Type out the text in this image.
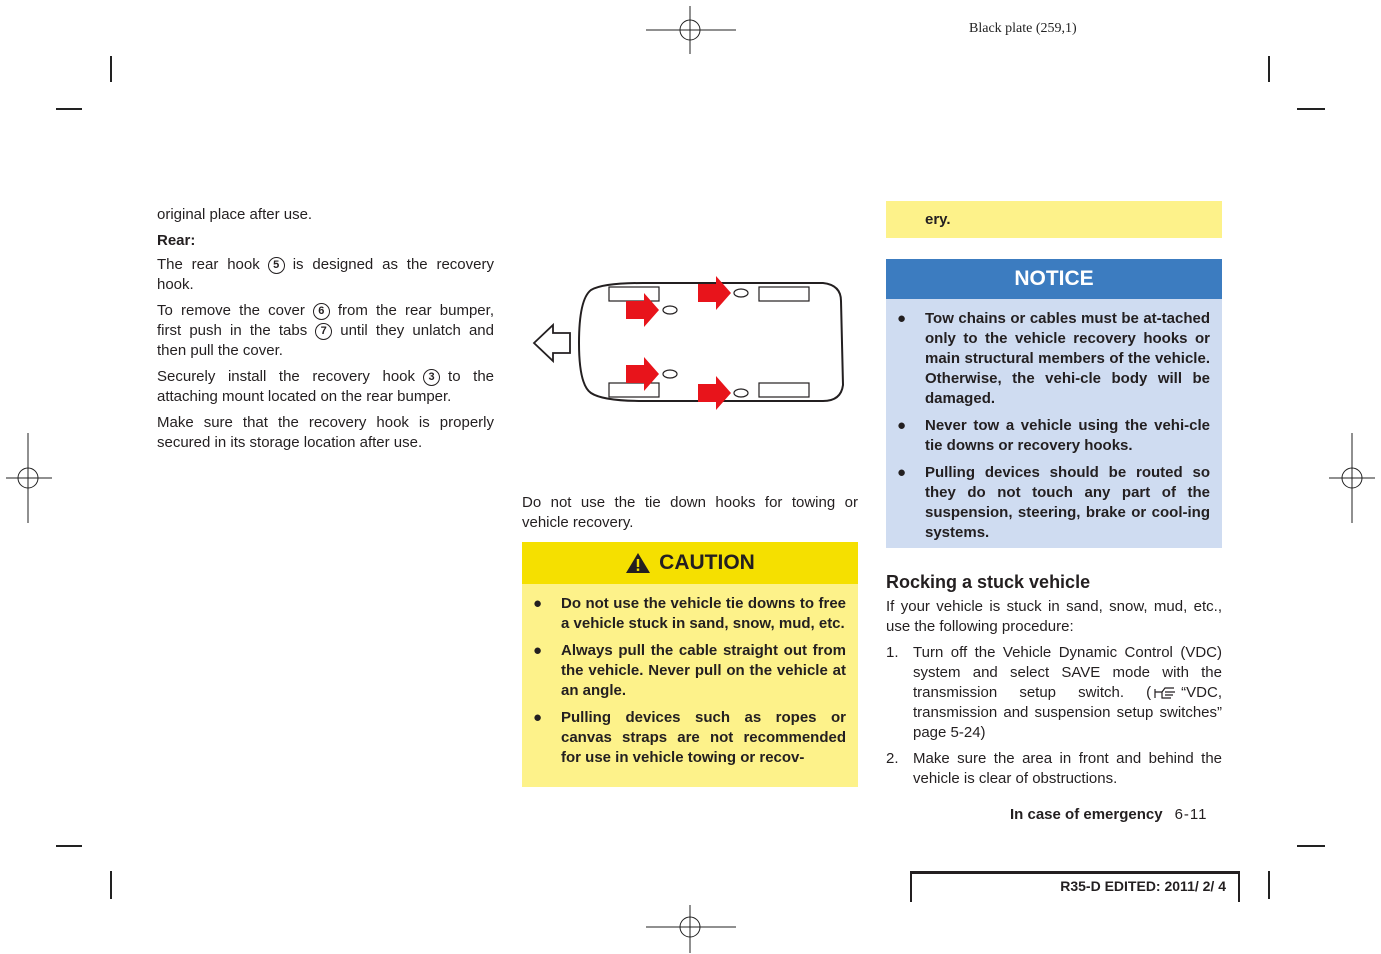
Black plate (259,1)

original place after use.

Rear:

The rear hook 5 is designed as the recovery hook.

To remove the cover 6 from the rear bumper, first push in the tabs 7 until they unlatch and then pull the cover.

Securely install the recovery hook 3 to the attaching mount located on the rear bumper.

Make sure that the recovery hook is properly secured in its storage location after use.

Do not use the tie down hooks for towing or vehicle recovery.
CAUTION
● Do not use the vehicle tie downs to free a vehicle stuck in sand, snow, mud, etc.
● Always pull the cable straight out from the vehicle. Never pull on the vehicle at an angle.
● Pulling devices such as ropes or canvas straps are not recommended for use in vehicle towing or recov-
ery.
NOTICE
● Tow chains or cables must be at-tached only to the vehicle recovery hooks or main structural members of the vehicle. Otherwise, the vehi-cle body will be damaged.
● Never tow a vehicle using the vehi-cle tie downs or recovery hooks.
● Pulling devices should be routed so they do not touch any part of the suspension, steering, brake or cool-ing systems.
Rocking a stuck vehicle

If your vehicle is stuck in sand, snow, mud, etc., use the following procedure:

1. Turn off the Vehicle Dynamic Control (VDC) system and select SAVE mode with the transmission setup switch. ( “VDC, transmission and suspension setup switches” page 5-24)
2. Make sure the area in front and behind the vehicle is clear of obstructions.
In case of emergency 6-11
R35-D EDITED: 2011/ 2/ 4
